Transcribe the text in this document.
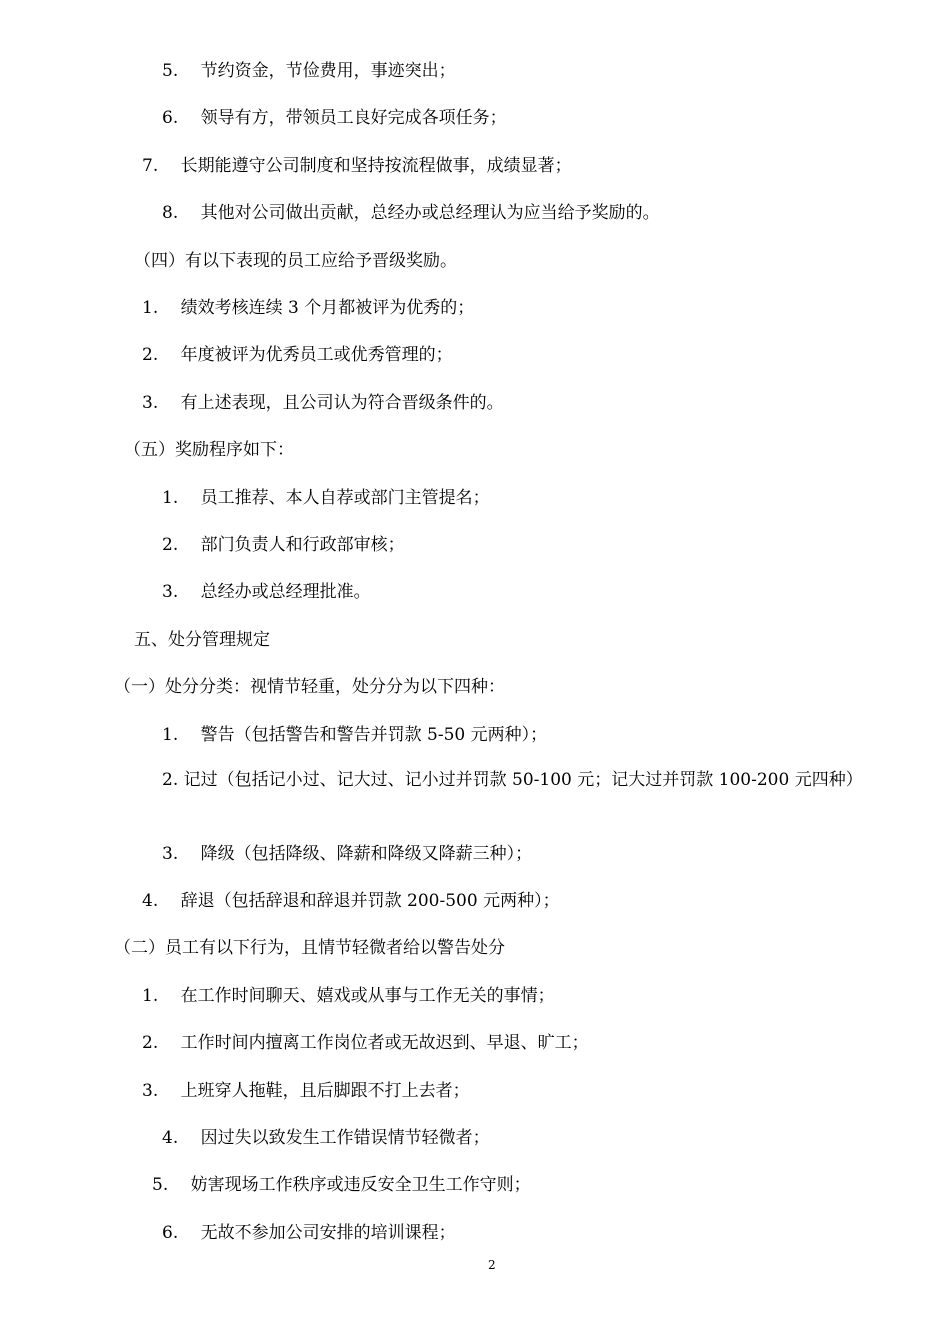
5.　 节约资金，节俭费用，事迹突出；
6.　 领导有方，带领员工良好完成各项任务；
7.　 长期能遵守公司制度和坚持按流程做事，成绩显著；
8.　 其他对公司做出贡献，总经办或总经理认为应当给予奖励的。
（四）有以下表现的员工应给予晋级奖励。
1.　 绩效考核连续 3 个月都被评为优秀的；
2.　 年度被评为优秀员工或优秀管理的；
3.　 有上述表现，且公司认为符合晋级条件的。
（五）奖励程序如下：
1.　 员工推荐、本人自荐或部门主管提名；
2.　 部门负责人和行政部审核；
3.　 总经办或总经理批准。
五、处分管理规定
（一）处分分类：视情节轻重，处分分为以下四种：
1.　 警告（包括警告和警告并罚款 5-50 元两种）；
2. 记过（包括记小过、记大过、记小过并罚款 50-100 元；记大过并罚款 100-200 元四种）
3.　 降级（包括降级、降薪和降级又降薪三种）；
4.　 辞退（包括辞退和辞退并罚款 200-500 元两种）；
（二）员工有以下行为，且情节轻微者给以警告处分
1.　 在工作时间聊天、嬉戏或从事与工作无关的事情；
2.　 工作时间内擅离工作岗位者或无故迟到、早退、旷工；
3.　 上班穿人拖鞋，且后脚跟不打上去者；
4.　 因过失以致发生工作错误情节轻微者；
5.　 妨害现场工作秩序或违反安全卫生工作守则；
6.　 无故不参加公司安排的培训课程；
2
